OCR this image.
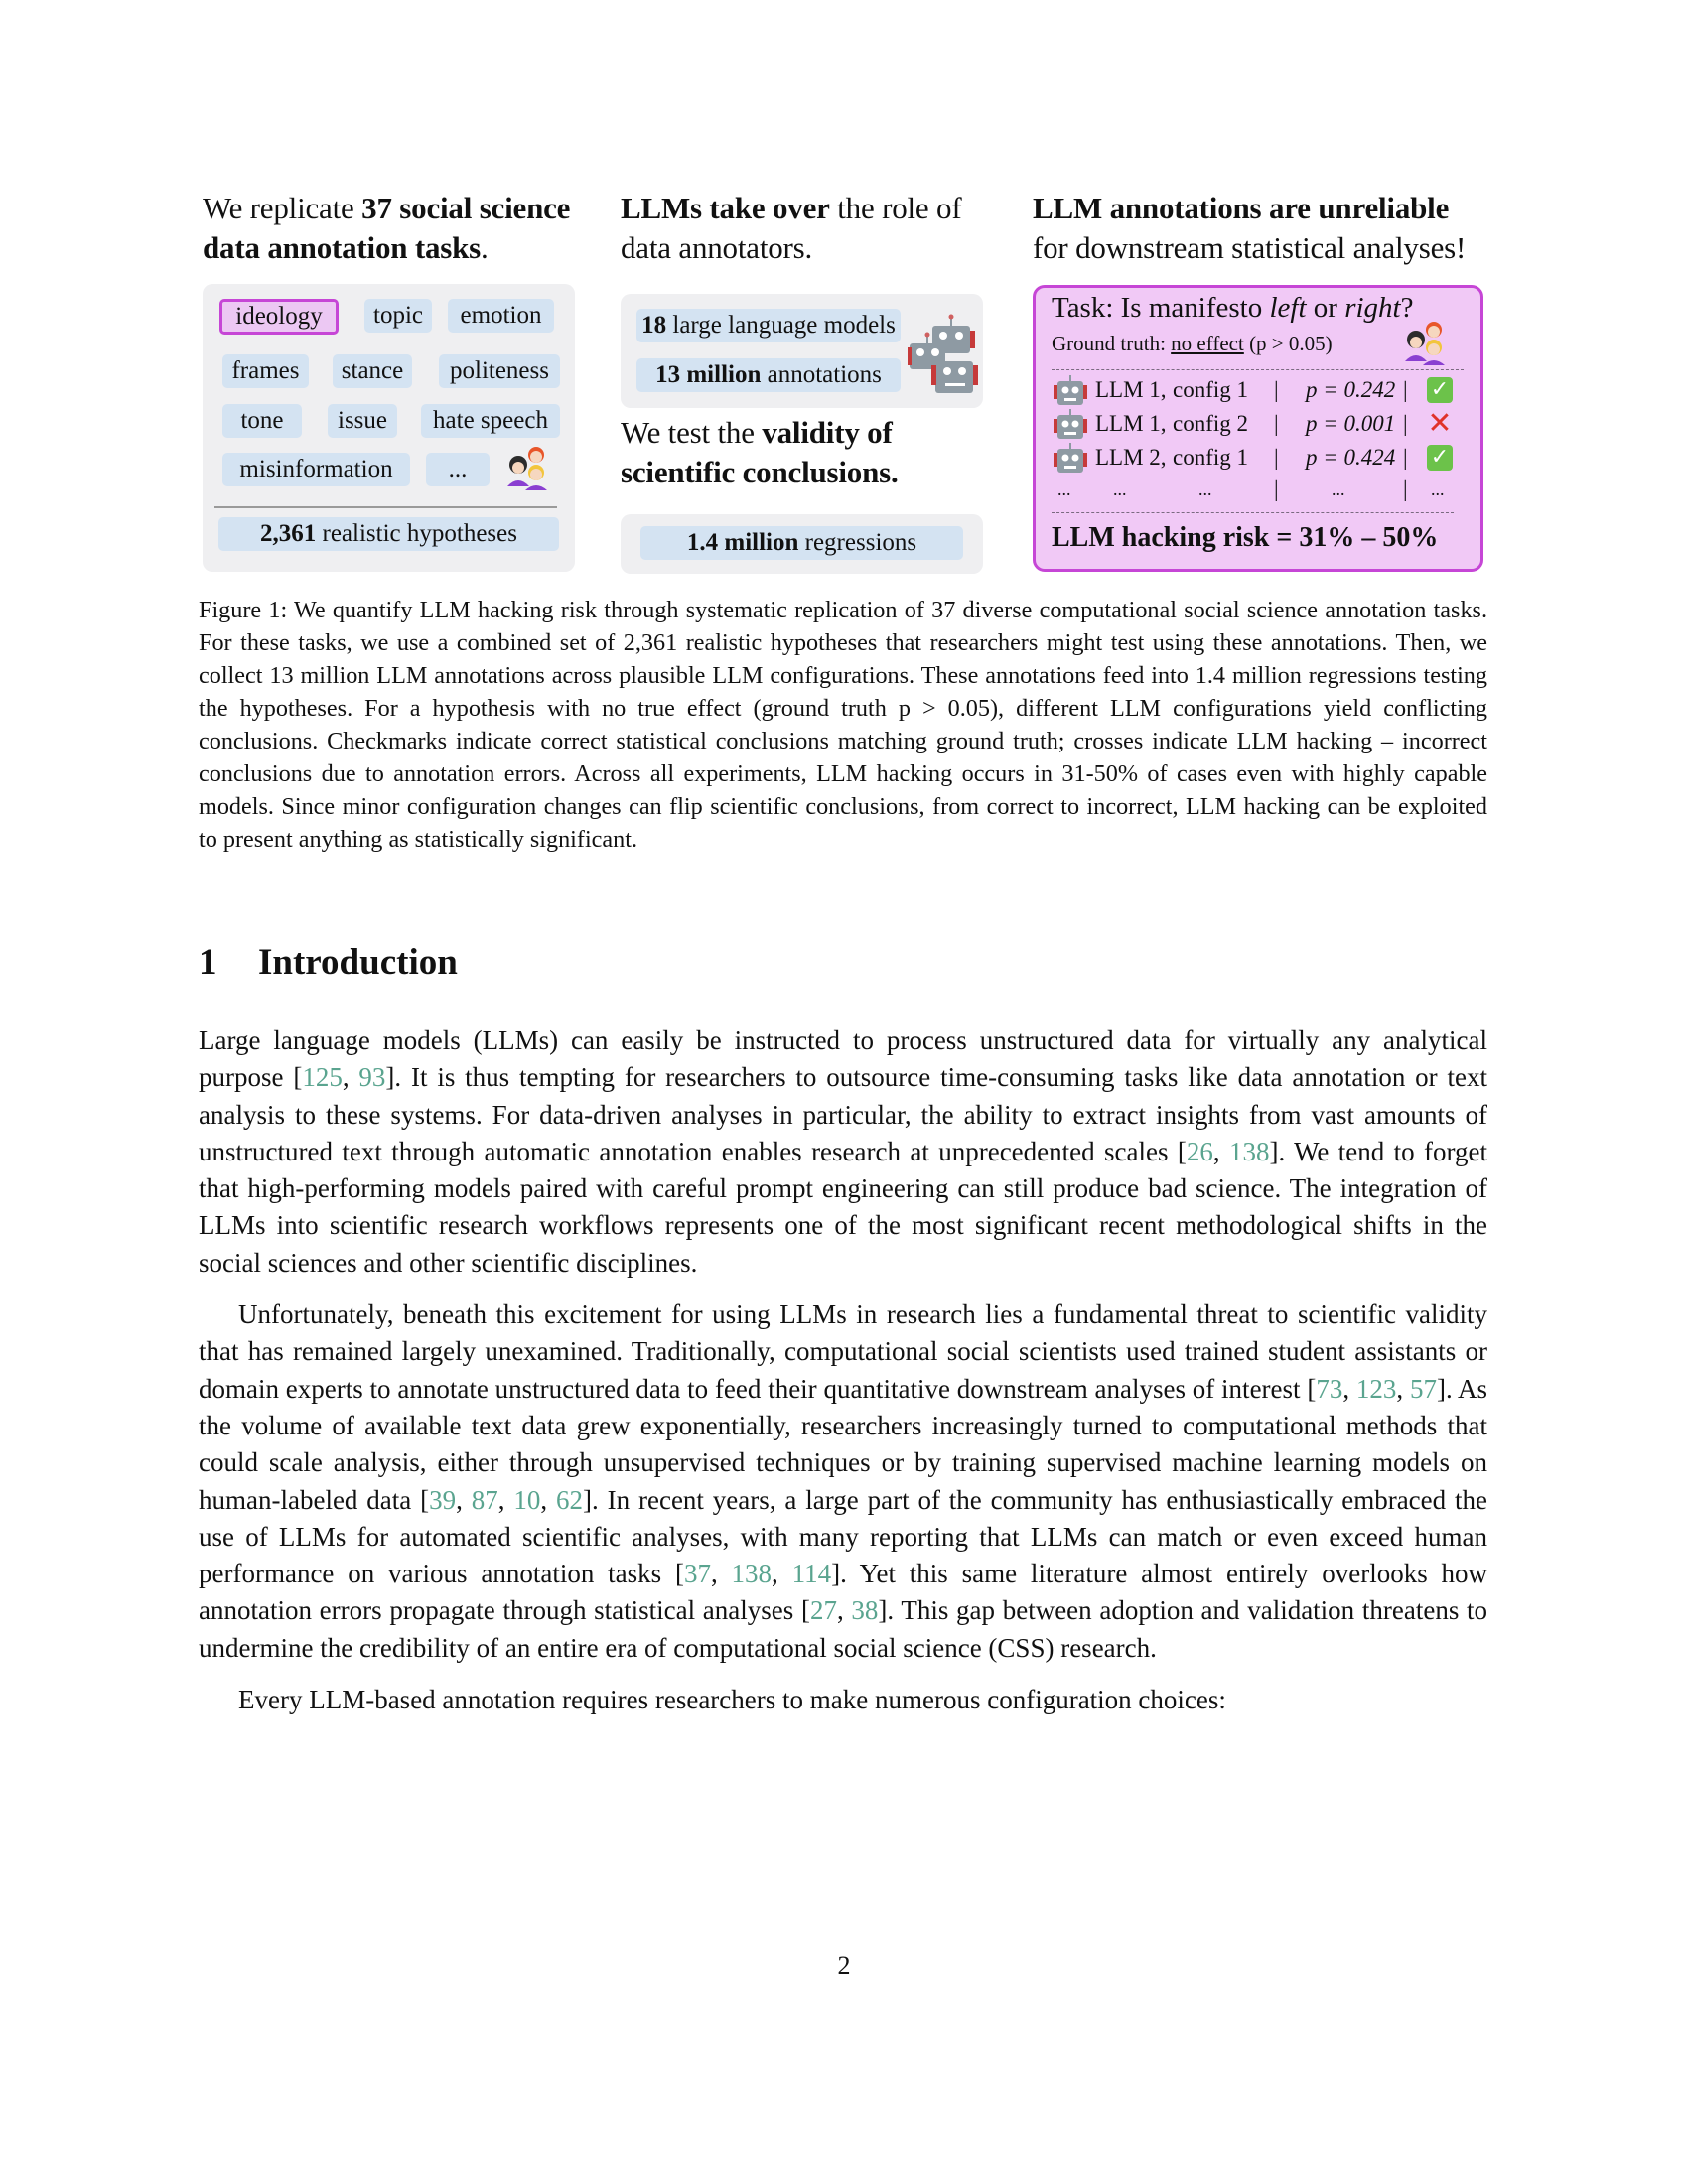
We replicate 37 social science data annotation tasks.
ideology	topic	emotion
frames	stance	politeness
tone	issue	hate speech
misinformation	...
2,361 realistic hypotheses
LLMs take over the role of data annotators.
18 large language models
13 million annotations
We test the validity of scientific conclusions.
1.4 million regressions
LLM annotations are unreliable
for downstream statistical analyses!
Task: Is manifesto left or right?
Ground truth: no effect (p > 0.05)
LLM 1, config 1 | p = 0.242 | ✓
LLM 1, config 2 | p = 0.001 | ✕
LLM 2, config 1 | p = 0.424 | ✓
... ...	...	|	...	| ...
LLM hacking risk = 31% – 50%

Figure 1: We quantify LLM hacking risk through systematic replication of 37 diverse computational social science annotation tasks. For these tasks, we use a combined set of 2,361 realistic hypotheses that researchers might test using these annotations. Then, we collect 13 million LLM annotations across plausible LLM configurations. These annotations feed into 1.4 million regressions testing the hypotheses. For a hypothesis with no true effect (ground truth p > 0.05), different LLM configurations yield conflicting conclusions. Checkmarks indicate correct statistical conclusions matching ground truth; crosses indicate LLM hacking – incorrect conclusions due to annotation errors. Across all experiments, LLM hacking occurs in 31-50% of cases even with highly capable models. Since minor configuration changes can flip scientific conclusions, from correct to incorrect, LLM hacking can be exploited to present anything as statistically significant.

1 Introduction

Large language models (LLMs) can easily be instructed to process unstructured data for virtually any analytical purpose [125, 93]. It is thus tempting for researchers to outsource time-consuming tasks like data annotation or text analysis to these systems. For data-driven analyses in particular, the ability to extract insights from vast amounts of unstructured text through automatic annotation enables research at unprecedented scales [26, 138]. We tend to forget that high-performing models paired with careful prompt engineering can still produce bad science. The integration of LLMs into scientific research workflows represents one of the most significant recent methodological shifts in the social sciences and other scientific disciplines.

Unfortunately, beneath this excitement for using LLMs in research lies a fundamental threat to scientific validity that has remained largely unexamined. Traditionally, computational social scientists used trained student assistants or domain experts to annotate unstructured data to feed their quantitative downstream analyses of interest [73, 123, 57]. As the volume of available text data grew exponentially, researchers increasingly turned to computational methods that could scale analysis, either through unsupervised techniques or by training supervised machine learning models on human-labeled data [39, 87, 10, 62]. In recent years, a large part of the community has enthusiastically embraced the use of LLMs for automated scientific analyses, with many reporting that LLMs can match or even exceed human performance on various annotation tasks [37, 138, 114]. Yet this same literature almost entirely overlooks how annotation errors propagate through statistical analyses [27, 38]. This gap between adoption and validation threatens to undermine the credibility of an entire era of computational social science (CSS) research.

Every LLM-based annotation requires researchers to make numerous configuration choices:

2
